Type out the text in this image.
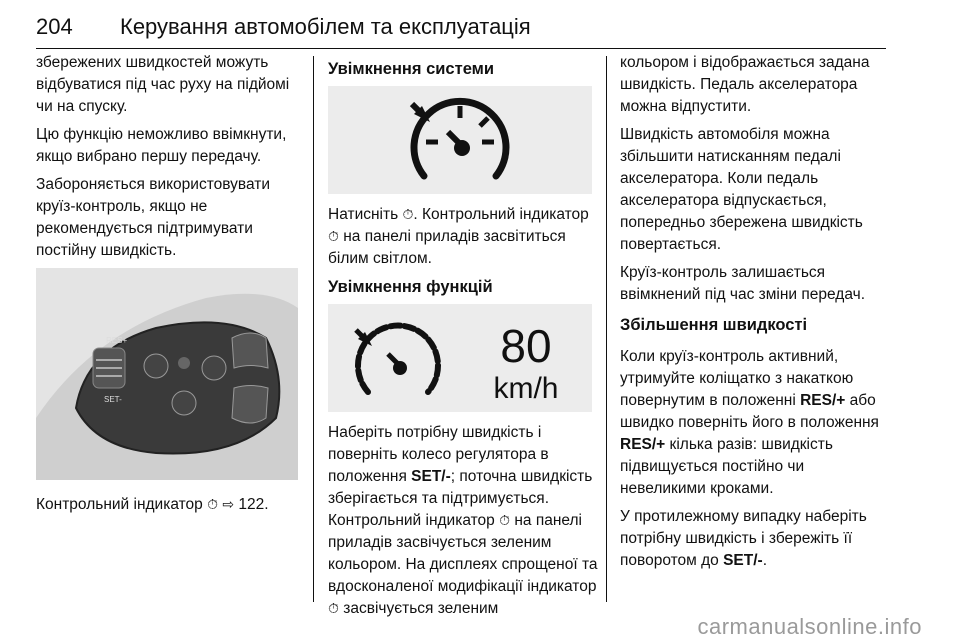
204 Керування автомобілем та експлуатація

збережених швидкостей можуть відбуватися під час руху на підйомі чи на спуску.

Цю функцію неможливо ввімкнути, якщо вибрано першу передачу.

Забороняється використовувати круїз-контроль, якщо не рекомендується підтримувати постійну швидкість.

RES+
SET-

Контрольний індикатор ⏱ ⇨ 122.

Увімкнення системи

Натисніть ⏱. Контрольний індикатор ⏱ на панелі приладів засвітиться білим світлом.

Увімкнення функцій
80
km/h

Наберіть потрібну швидкість і поверніть колесо регулятора в положення SET/-; поточна швидкість зберігається та підтримується. Контрольний індикатор ⏱ на панелі приладів засвічується зеленим кольором. На дисплеях спрощеної та вдосконаленої модифікації індикатор ⏱ засвічується зеленим

кольором і відображається задана швидкість. Педаль акселератора можна відпустити.

Швидкість автомобіля можна збільшити натисканням педалі акселератора. Коли педаль акселератора відпускається, попередньо збережена швидкість повертається.

Круїз-контроль залишається ввімкнений під час зміни передач.

Збільшення швидкості

Коли круїз-контроль активний, утримуйте коліщатко з накаткою повернутим в положенні RES/+ або швидко поверніть його в положення RES/+ кілька разів: швидкість підвищується постійно чи невеликими кроками.

У протилежному випадку наберіть потрібну швидкість і збережіть її поворотом до SET/-.

carmanualsonline.info
